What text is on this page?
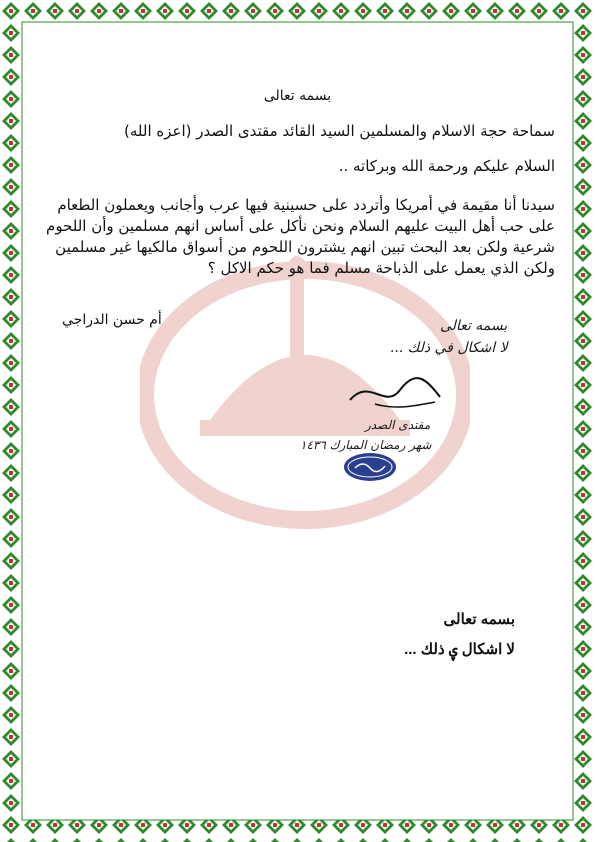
بسمه تعالى
سماحة حجة الاسلام والمسلمين السيد القائد مقتدى الصدر (اعزه الله)
السلام عليكم ورحمة الله وبركاته ..
سيدنا أنا مقيمة في أمريكا وأتردد على حسينية فيها عرب وأجانب ويعملون الطعام على حب أهل البيت عليهم السلام ونحن نأكل على أساس انهم مسلمين وأن اللحوم شرعية ولكن بعد البحث تبين انهم يشترون اللحوم من أسواق مالكيها غير مسلمين ولكن الذي يعمل على الذباحة مسلم فما هو حكم الاكل ؟
أم حسن الدراجي	بسمه تعالى
لا اشكال في ذلك ...
مقتدى الصدر
شهر رمضان المبارك ١٤٣٦
بسمه تعالى
لا اشكال ۑ ذلك ...
